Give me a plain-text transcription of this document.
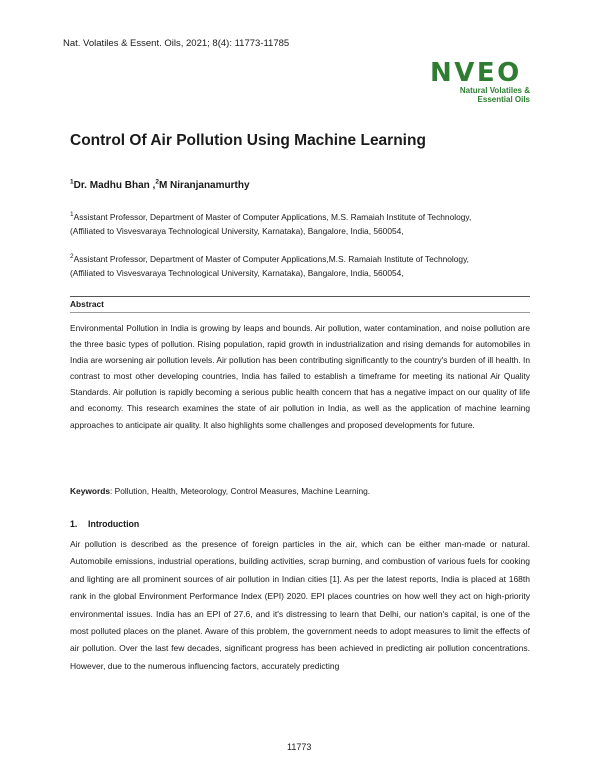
Nat. Volatiles & Essent. Oils, 2021; 8(4): 11773-11785
NVEO
Natural Volatiles &
Essential Oils
Control Of Air Pollution Using Machine Learning
$^1$Dr. Madhu Bhan ,$^2$M Niranjanamurthy
$^1$Assistant Professor, Department of Master of Computer Applications, M.S. Ramaiah Institute of Technology,
(Affiliated to Visvesvaraya Technological University, Karnataka), Bangalore, India, 560054,
$^2$Assistant Professor, Department of Master of Computer Applications,M.S. Ramaiah Institute of Technology,
(Affiliated to Visvesvaraya Technological University, Karnataka), Bangalore, India, 560054,
Abstract
Environmental Pollution in India is growing by leaps and bounds. Air pollution, water contamination, and noise pollution are the three basic types of pollution. Rising population, rapid growth in industrialization and rising demands for automobiles in India are worsening air pollution levels. Air pollution has been contributing significantly to the country's burden of ill health. In contrast to most other developing countries, India has failed to establish a timeframe for meeting its national Air Quality Standards. Air pollution is rapidly becoming a serious public health concern that has a negative impact on our quality of life and economy. This research examines the state of air pollution in India, as well as the application of machine learning approaches to anticipate air quality. It also highlights some challenges and proposed developments for future.
Keywords: Pollution, Health, Meteorology, Control Measures, Machine Learning.
1. Introduction
Air pollution is described as the presence of foreign particles in the air, which can be either man-made or natural. Automobile emissions, industrial operations, building activities, scrap burning, and combustion of various fuels for cooking and lighting are all prominent sources of air pollution in Indian cities [1]. As per the latest reports, India is placed at 168th rank in the global Environment Performance Index (EPI) 2020. EPI places countries on how well they act on high-priority environmental issues. India has an EPI of 27.6, and it's distressing to learn that Delhi, our nation's capital, is one of the most polluted places on the planet. Aware of this problem, the government needs to adopt measures to limit the effects of air pollution. Over the last few decades, significant progress has been achieved in predicting air pollution concentrations. However, due to the numerous influencing factors, accurately predicting
11773
